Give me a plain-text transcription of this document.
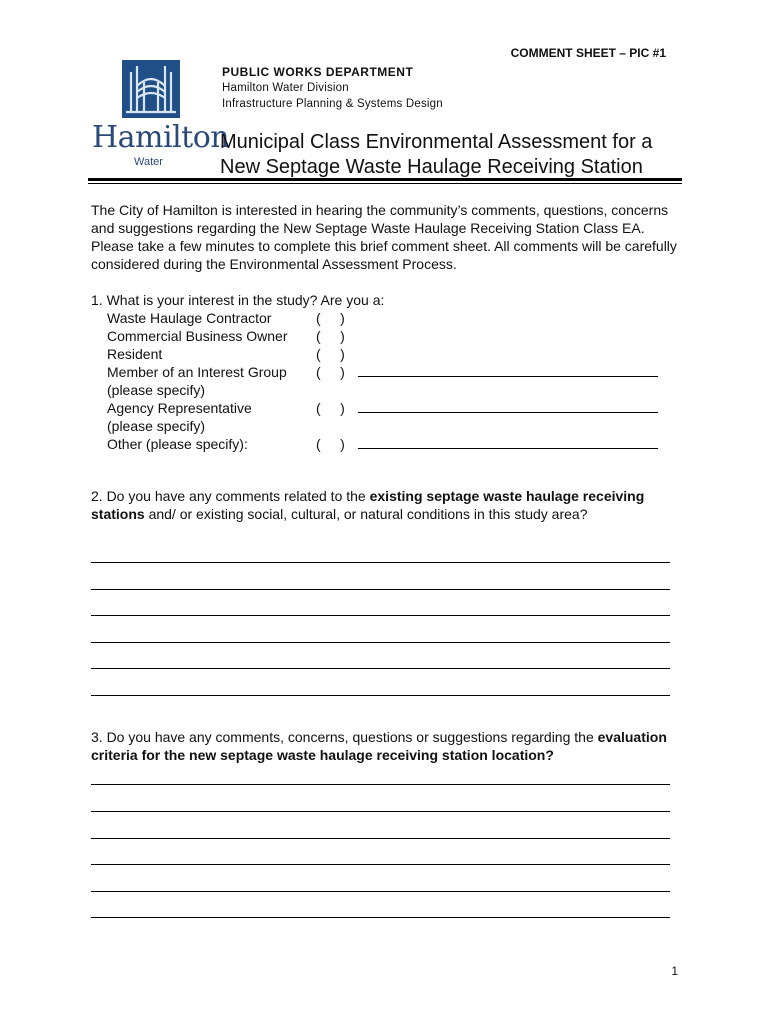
COMMENT SHEET – PIC #1
Hamilton
Water
PUBLIC WORKS DEPARTMENT
Hamilton Water Division
Infrastructure Planning & Systems Design
Municipal Class Environmental Assessment for a
New Septage Waste Haulage Receiving Station
The City of Hamilton is interested in hearing the community’s comments, questions, concerns and suggestions regarding the New Septage Waste Haulage Receiving Station Class EA. Please take a few minutes to complete this brief comment sheet. All comments will be carefully considered during the Environmental Assessment Process.
1. What is your interest in the study? Are you a:
Waste Haulage Contractor	(     )
Commercial Business Owner (     )
Resident	(     )
Member of an Interest Group (     )
(please specify)
Agency Representative	(     )
(please specify)
Other (please specify):	(     )
2. Do you have any comments related to the existing septage waste haulage receiving stations and/ or existing social, cultural, or natural conditions in this study area?
3. Do you have any comments, concerns, questions or suggestions regarding the evaluation criteria for the new septage waste haulage receiving station location?
1
